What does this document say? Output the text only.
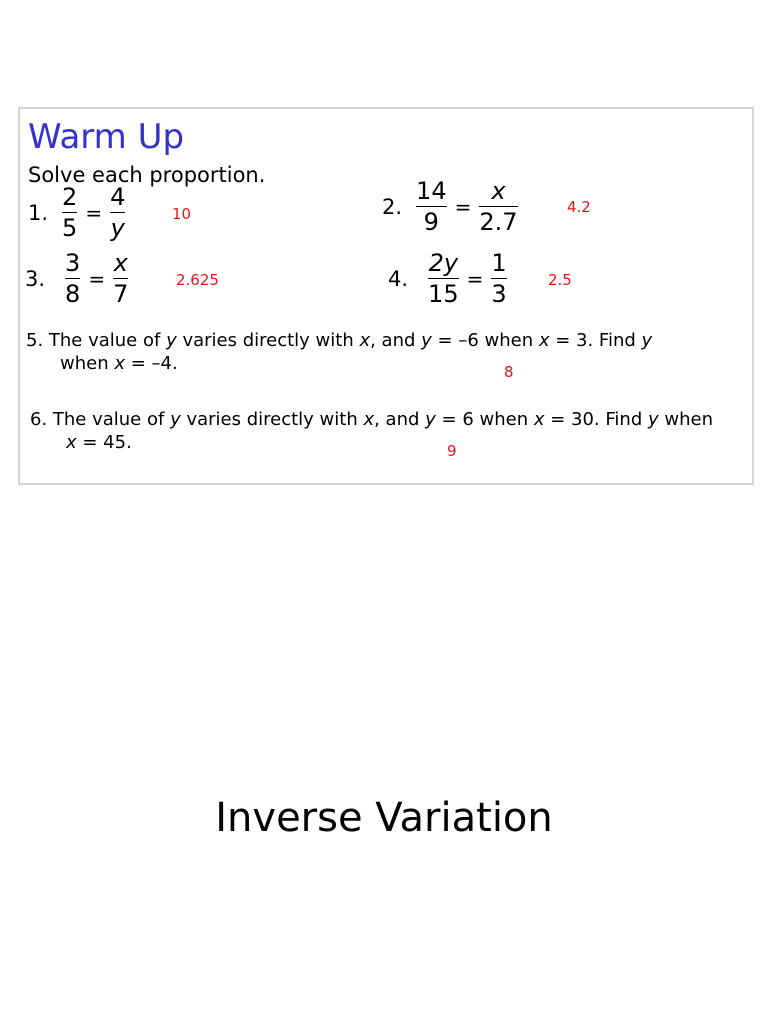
Warm Up
Solve each proportion.
1. $\frac{2}{5} = \frac{4}{y}$	10	2. $\frac{14}{9} = \frac{x}{2.7}$	4.2
3. $\frac{3}{8} = \frac{x}{7}$	2.625	4. $\frac{2y}{15} = \frac{1}{3}$	2.5
5. The value of y varies directly with x, and y = –6 when x = 3. Find y
when x = –4.	8
6. The value of y varies directly with x, and y = 6 when x = 30. Find y when
x = 45.	9
Inverse Variation
